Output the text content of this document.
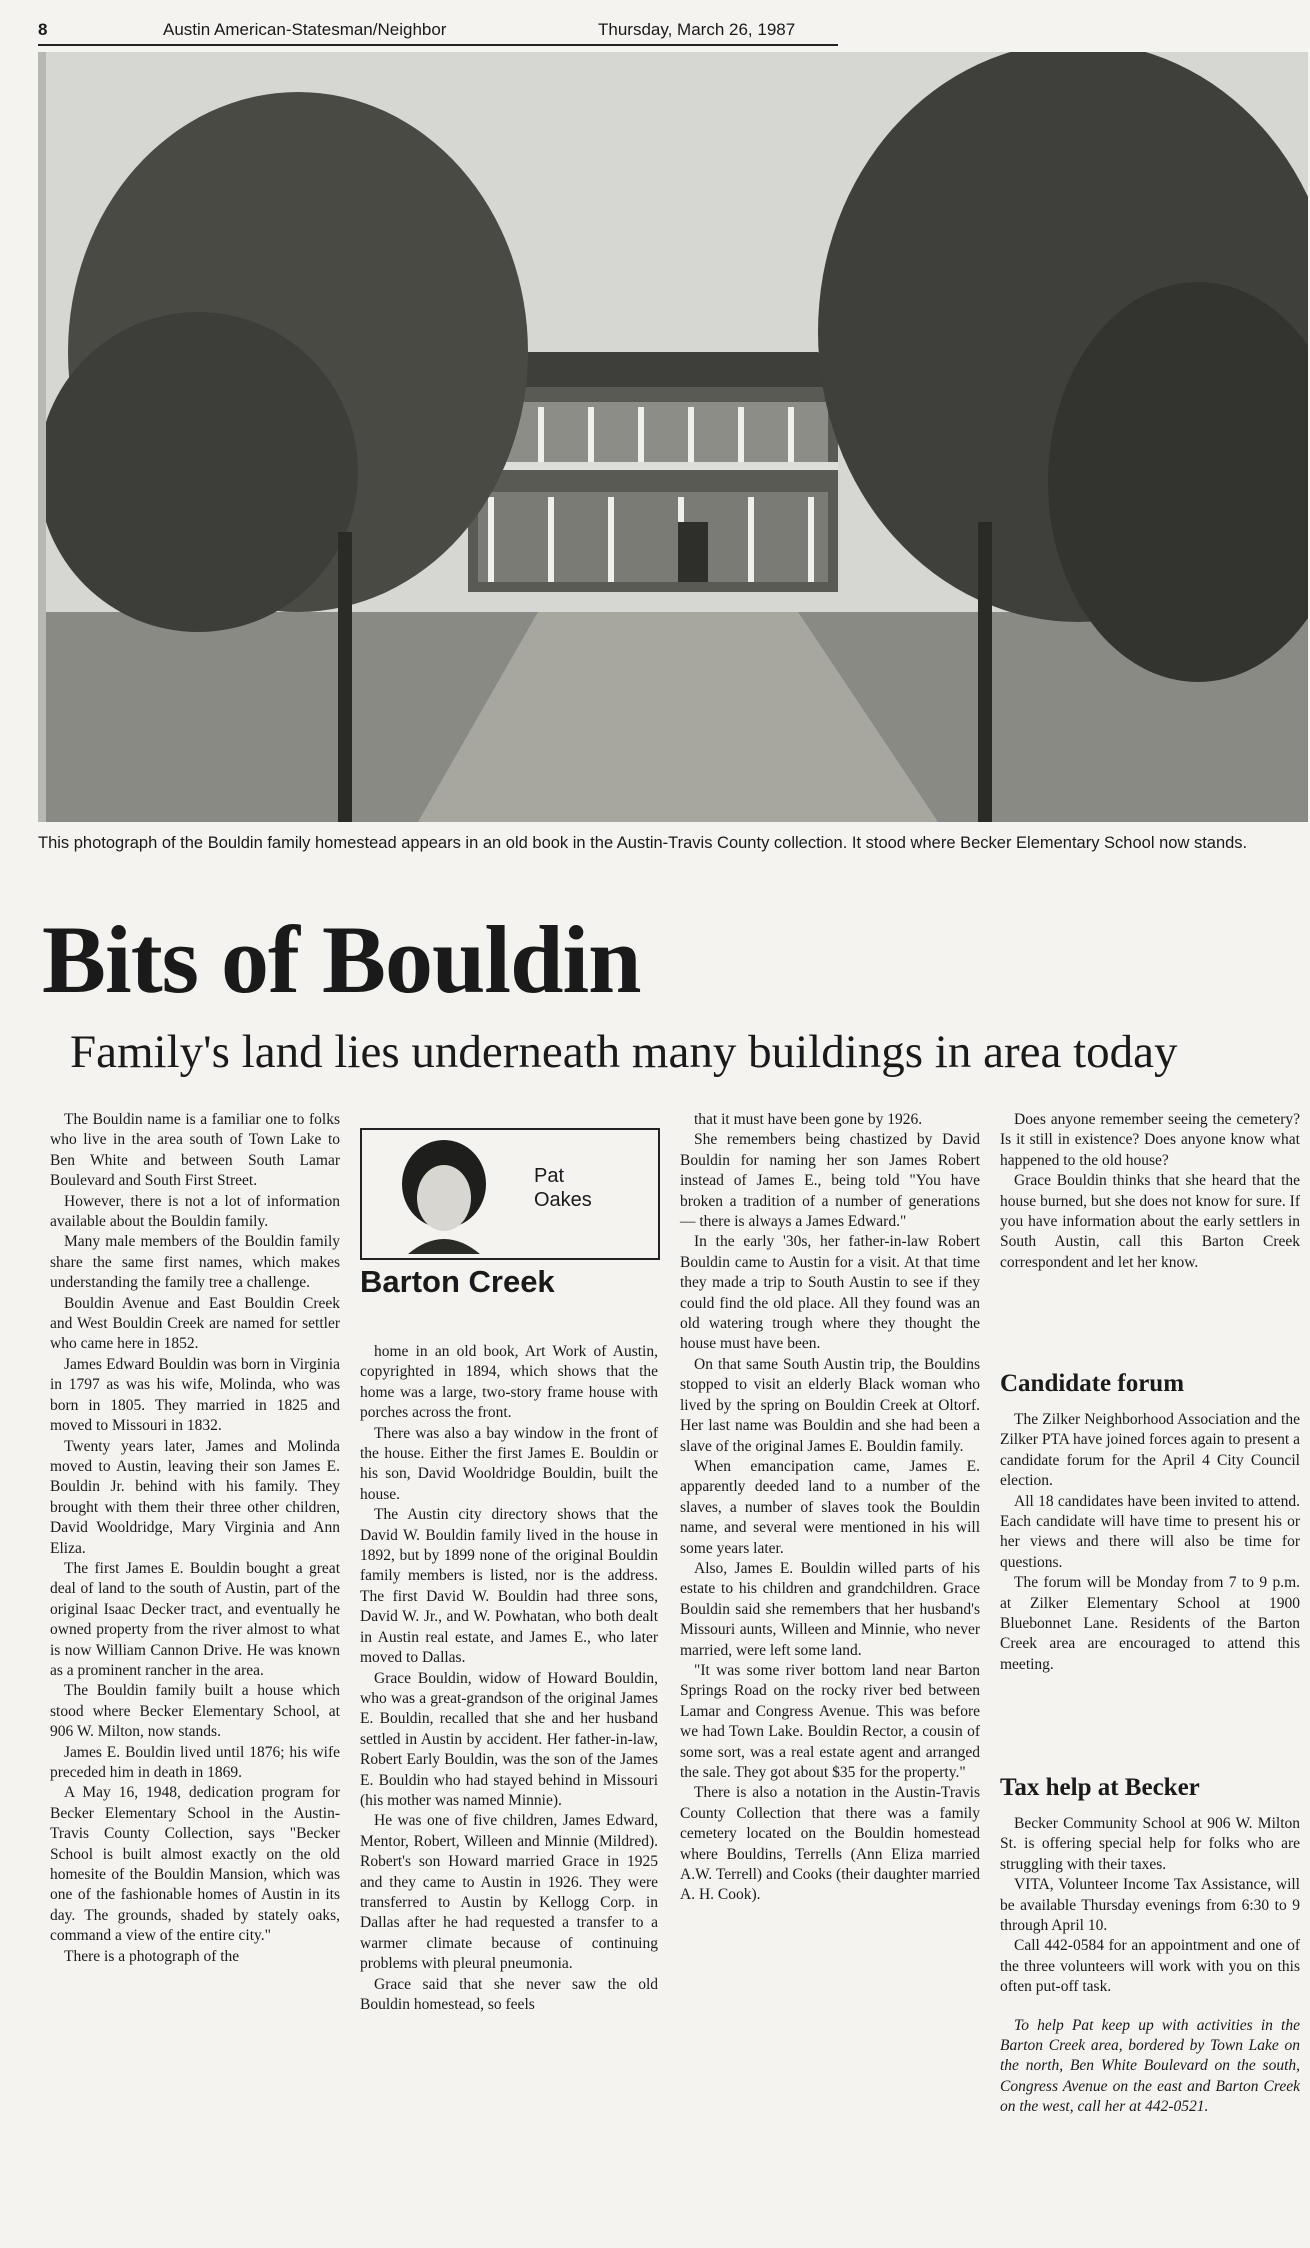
8	Austin American-Statesman/Neighbor	Thursday, March 26, 1987
This photograph of the Bouldin family homestead appears in an old book in the Austin-Travis County collection. It stood where Becker Elementary School now stands.
Bits of Bouldin
Family's land lies underneath many buildings in area today

The Bouldin name is a familiar one to folks who live in the area south of Town Lake to Ben White and between South Lamar Boulevard and South First Street.

However, there is not a lot of information available about the Bouldin family.

Many male members of the Bouldin family share the same first names, which makes understanding the family tree a challenge.

Bouldin Avenue and East Bouldin Creek and West Bouldin Creek are named for settler who came here in 1852.

James Edward Bouldin was born in Virginia in 1797 as was his wife, Molinda, who was born in 1805. They married in 1825 and moved to Missouri in 1832.

Twenty years later, James and Molinda moved to Austin, leaving their son James E. Bouldin Jr. behind with his family. They brought with them their three other children, David Wooldridge, Mary Virginia and Ann Eliza.

The first James E. Bouldin bought a great deal of land to the south of Austin, part of the original Isaac Decker tract, and eventually he owned property from the river almost to what is now William Cannon Drive. He was known as a prominent rancher in the area.

The Bouldin family built a house which stood where Becker Elementary School, at 906 W. Milton, now stands.

James E. Bouldin lived until 1876; his wife preceded him in death in 1869.

A May 16, 1948, dedication program for Becker Elementary School in the Austin-Travis County Collection, says "Becker School is built almost exactly on the old homesite of the Bouldin Mansion, which was one of the fashionable homes of Austin in its day. The grounds, shaded by stately oaks, command a view of the entire city."

There is a photograph of the

Pat
Oakes
Barton Creek

home in an old book, Art Work of Austin, copyrighted in 1894, which shows that the home was a large, two-story frame house with porches across the front.

There was also a bay window in the front of the house. Either the first James E. Bouldin or his son, David Wooldridge Bouldin, built the house.

The Austin city directory shows that the David W. Bouldin family lived in the house in 1892, but by 1899 none of the original Bouldin family members is listed, nor is the address. The first David W. Bouldin had three sons, David W. Jr., and W. Powhatan, who both dealt in Austin real estate, and James E., who later moved to Dallas.

Grace Bouldin, widow of Howard Bouldin, who was a great-grandson of the original James E. Bouldin, recalled that she and her husband settled in Austin by accident. Her father-in-law, Robert Early Bouldin, was the son of the James E. Bouldin who had stayed behind in Missouri (his mother was named Minnie).

He was one of five children, James Edward, Mentor, Robert, Willeen and Minnie (Mildred). Robert's son Howard married Grace in 1925 and they came to Austin in 1926. They were transferred to Austin by Kellogg Corp. in Dallas after he had requested a transfer to a warmer climate because of continuing problems with pleural pneumonia.

Grace said that she never saw the old Bouldin homestead, so feels

that it must have been gone by 1926.

She remembers being chastized by David Bouldin for naming her son James Robert instead of James E., being told "You have broken a tradition of a number of generations — there is always a James Edward."

In the early '30s, her father-in-law Robert Bouldin came to Austin for a visit. At that time they made a trip to South Austin to see if they could find the old place. All they found was an old watering trough where they thought the house must have been.

On that same South Austin trip, the Bouldins stopped to visit an elderly Black woman who lived by the spring on Bouldin Creek at Oltorf. Her last name was Bouldin and she had been a slave of the original James E. Bouldin family.

When emancipation came, James E. apparently deeded land to a number of the slaves, a number of slaves took the Bouldin name, and several were mentioned in his will some years later.

Also, James E. Bouldin willed parts of his estate to his children and grandchildren. Grace Bouldin said she remembers that her husband's Missouri aunts, Willeen and Minnie, who never married, were left some land.

"It was some river bottom land near Barton Springs Road on the rocky river bed between Lamar and Congress Avenue. This was before we had Town Lake. Bouldin Rector, a cousin of some sort, was a real estate agent and arranged the sale. They got about $35 for the property."

There is also a notation in the Austin-Travis County Collection that there was a family cemetery located on the Bouldin homestead where Bouldins, Terrells (Ann Eliza married A.W. Terrell) and Cooks (their daughter married A. H. Cook).

Does anyone remember seeing the cemetery? Is it still in existence? Does anyone know what happened to the old house?

Grace Bouldin thinks that she heard that the house burned, but she does not know for sure. If you have information about the early settlers in South Austin, call this Barton Creek correspondent and let her know.

Candidate forum

The Zilker Neighborhood Association and the Zilker PTA have joined forces again to present a candidate forum for the April 4 City Council election.

All 18 candidates have been invited to attend. Each candidate will have time to present his or her views and there will also be time for questions.

The forum will be Monday from 7 to 9 p.m. at Zilker Elementary School at 1900 Bluebonnet Lane. Residents of the Barton Creek area are encouraged to attend this meeting.

Tax help at Becker

Becker Community School at 906 W. Milton St. is offering special help for folks who are struggling with their taxes.

VITA, Volunteer Income Tax Assistance, will be available Thursday evenings from 6:30 to 9 through April 10.

Call 442-0584 for an appointment and one of the three volunteers will work with you on this often put-off task.

To help Pat keep up with activities in the Barton Creek area, bordered by Town Lake on the north, Ben White Boulevard on the south, Congress Avenue on the east and Barton Creek on the west, call her at 442-0521.
